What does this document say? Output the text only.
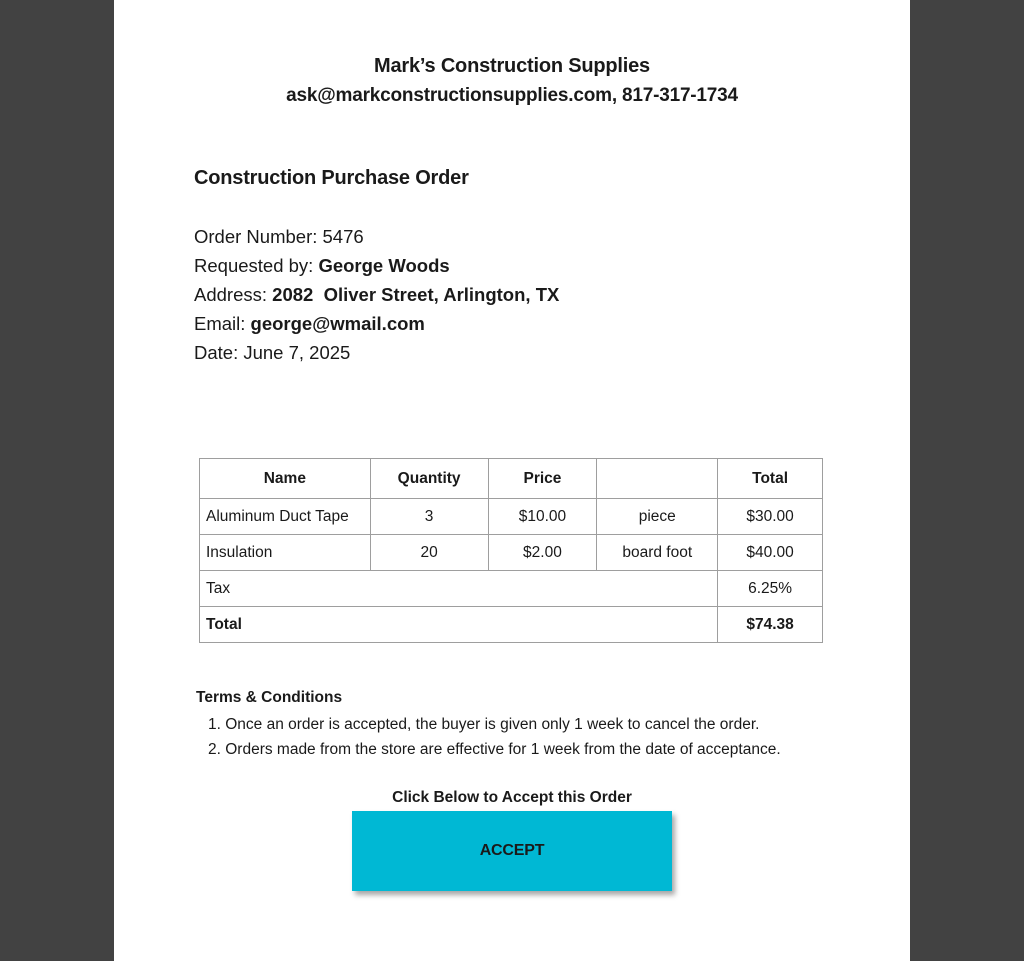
Mark’s Construction Supplies
ask@markconstructionsupplies.com, 817-317-1734
Construction Purchase Order
Order Number: 5476
Requested by: George Woods
Address: 2082  Oliver Street, Arlington, TX
Email: george@wmail.com
Date: June 7, 2025
Name	Quantity	Price		Total
Aluminum Duct Tape	3	$10.00	piece	$30.00
Insulation	20	$2.00	board foot	$40.00
Tax				6.25%
Total				$74.38
Terms & Conditions
1. Once an order is accepted, the buyer is given only 1 week to cancel the order.
2. Orders made from the store are effective for 1 week from the date of acceptance.
Click Below to Accept this Order
ACCEPT
